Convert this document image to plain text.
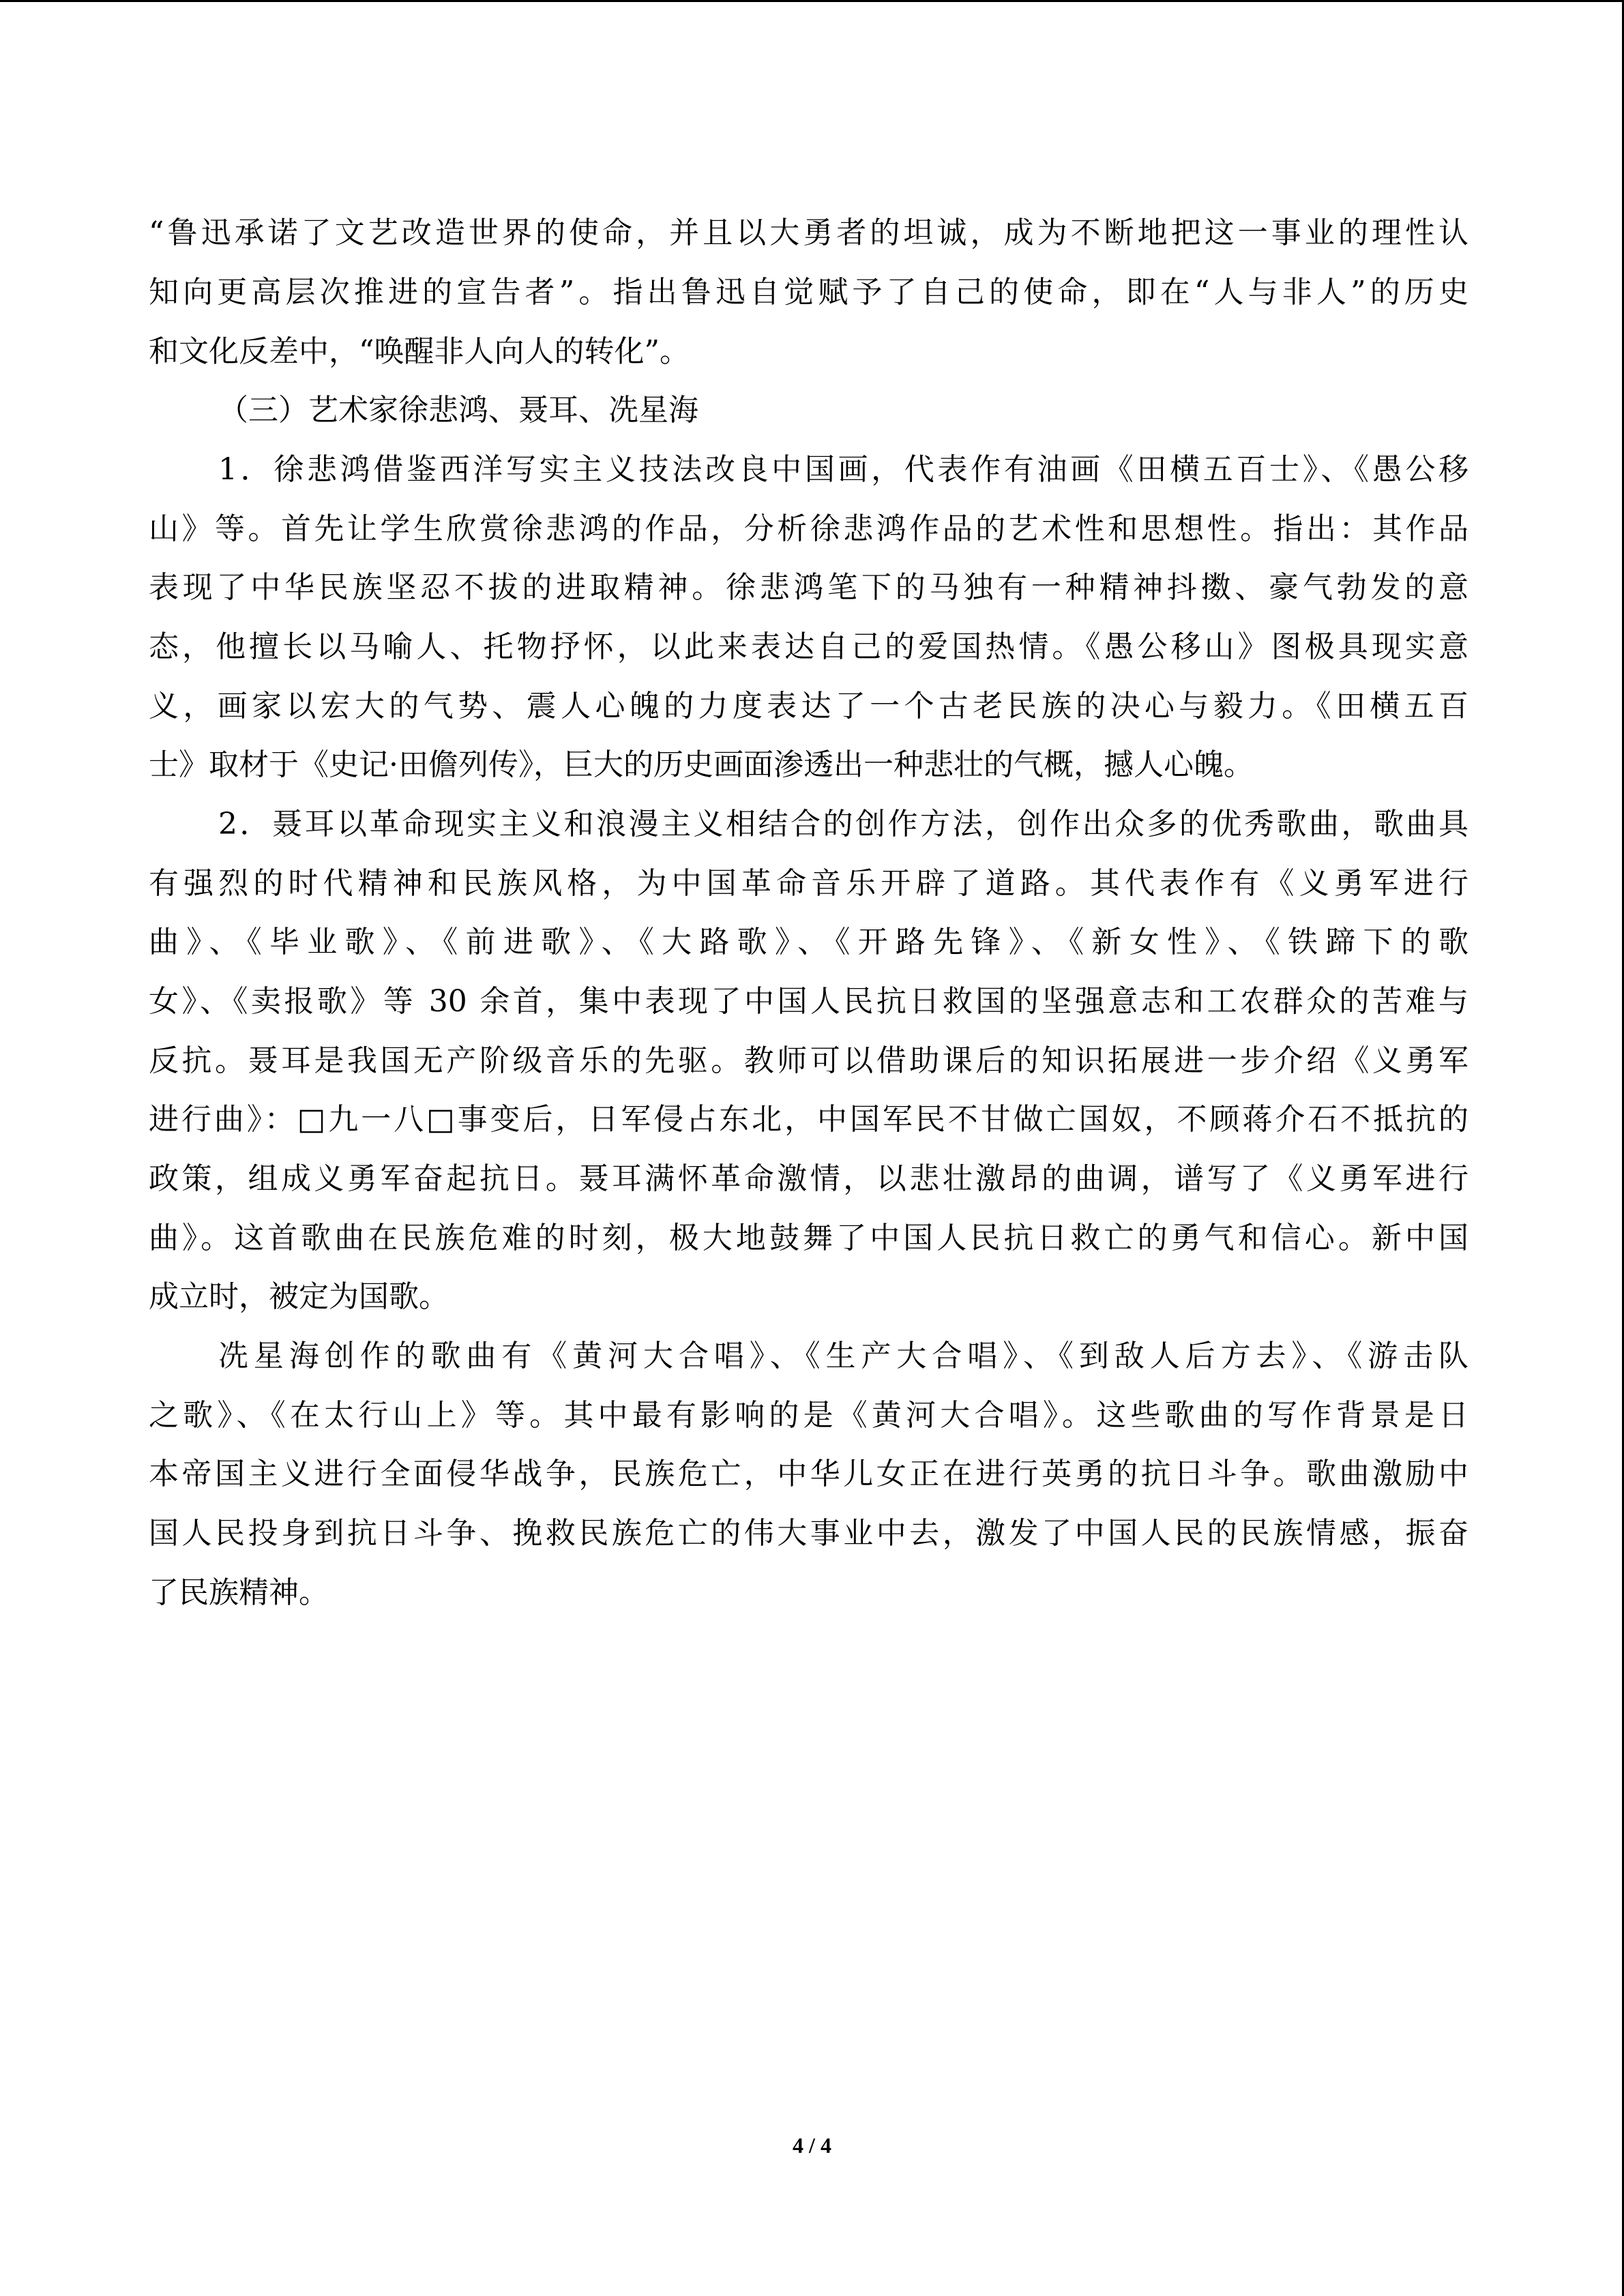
“鲁迅承诺了文艺改造世界的使命，并且以大勇者的坦诚，成为不断地把这一事业的理性认
知向更高层次推进的宣告者”。指出鲁迅自觉赋予了自己的使命，即在“人与非人”的历史
和文化反差中，“唤醒非人向人的转化”。
（三）艺术家徐悲鸿、聂耳、冼星海
1．徐悲鸿借鉴西洋写实主义技法改良中国画，代表作有油画《田横五百士》、《愚公移
山》等。首先让学生欣赏徐悲鸿的作品，分析徐悲鸿作品的艺术性和思想性。指出：其作品
表现了中华民族坚忍不拔的进取精神。徐悲鸿笔下的马独有一种精神抖擞、豪气勃发的意
态，他擅长以马喻人、托物抒怀，以此来表达自己的爱国热情。《愚公移山》图极具现实意
义，画家以宏大的气势、震人心魄的力度表达了一个古老民族的决心与毅力。《田横五百
士》取材于《史记·田儋列传》，巨大的历史画面渗透出一种悲壮的气概，撼人心魄。
2．聂耳以革命现实主义和浪漫主义相结合的创作方法，创作出众多的优秀歌曲，歌曲具
有强烈的时代精神和民族风格，为中国革命音乐开辟了道路。其代表作有《义勇军进行
曲》、《毕业歌》、《前进歌》、《大路歌》、《开路先锋》、《新女性》、《铁蹄下的歌
女》、《卖报歌》等 30 余首，集中表现了中国人民抗日救国的坚强意志和工农群众的苦难与
反抗。聂耳是我国无产阶级音乐的先驱。教师可以借助课后的知识拓展进一步介绍《义勇军
进行曲》：□九一八□事变后，日军侵占东北，中国军民不甘做亡国奴，不顾蒋介石不抵抗的
政策，组成义勇军奋起抗日。聂耳满怀革命激情，以悲壮激昂的曲调，谱写了《义勇军进行
曲》。这首歌曲在民族危难的时刻，极大地鼓舞了中国人民抗日救亡的勇气和信心。新中国
成立时，被定为国歌。
冼星海创作的歌曲有《黄河大合唱》、《生产大合唱》、《到敌人后方去》、《游击队
之歌》、《在太行山上》等。其中最有影响的是《黄河大合唱》。这些歌曲的写作背景是日
本帝国主义进行全面侵华战争，民族危亡，中华儿女正在进行英勇的抗日斗争。歌曲激励中
国人民投身到抗日斗争、挽救民族危亡的伟大事业中去，激发了中国人民的民族情感，振奋
了民族精神。
4 / 4
